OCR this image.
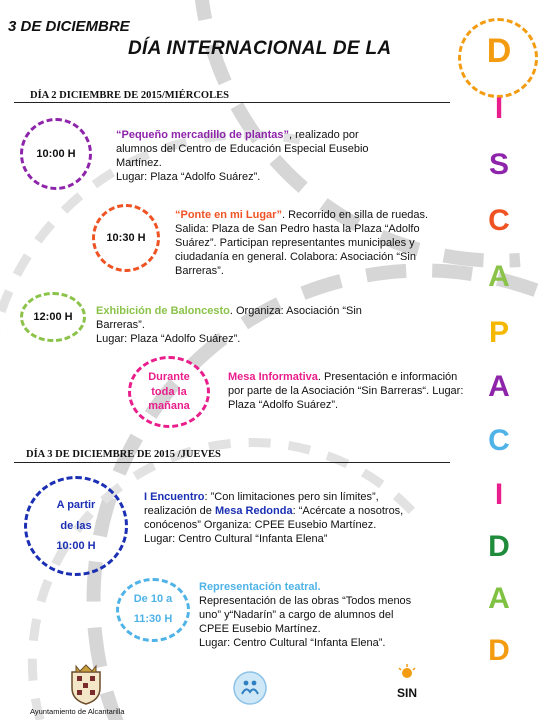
3 DE DICIEMBRE
DÍA INTERNACIONAL DE LA	D
I
S
C
A
P
A
C
I
D
A
D
DÍA 2 DICIEMBRE DE 2015/MIÉRCOLES
10:00 H
“Pequeño mercadillo de plantas”, realizado por alumnos del Centro de Educación Especial Eusebio Martínez.
Lugar: Plaza “Adolfo Suárez”.
10:30 H
“Ponte en mi Lugar”. Recorrido en silla de ruedas. Salida: Plaza de San Pedro hasta la Plaza “Adolfo Suárez”. Participan representantes municipales y ciudadanía en general. Colabora: Asociación “Sin Barreras”.
12:00 H Exhibición de Baloncesto. Organiza: Asociación “Sin Barreras”.
Lugar: Plaza “Adolfo Suárez”.
Durante toda la mañana
Mesa Informativa. Presentación e información por parte de la Asociación “Sin Barreras“. Lugar: Plaza “Adolfo Suárez”.
DÍA 3 DE DICIEMBRE DE 2015 /JUEVES
A partir
de las
10:00 H
I Encuentro: ”Con limitaciones pero sin límites”, realización de Mesa Redonda: “Acércate a nosotros, conócenos” Organiza: CPEE Eusebio Martínez.
Lugar: Centro Cultural “Infanta Elena”
De 10 a
11:30 H
Representación teatral.
Representación de las obras “Todos menos uno” y“Nadarín” a cargo de alumnos del CPEE Eusebio Martínez.
Lugar: Centro Cultural “Infanta Elena”.
Ayuntamiento de Alcantarilla
SIN
